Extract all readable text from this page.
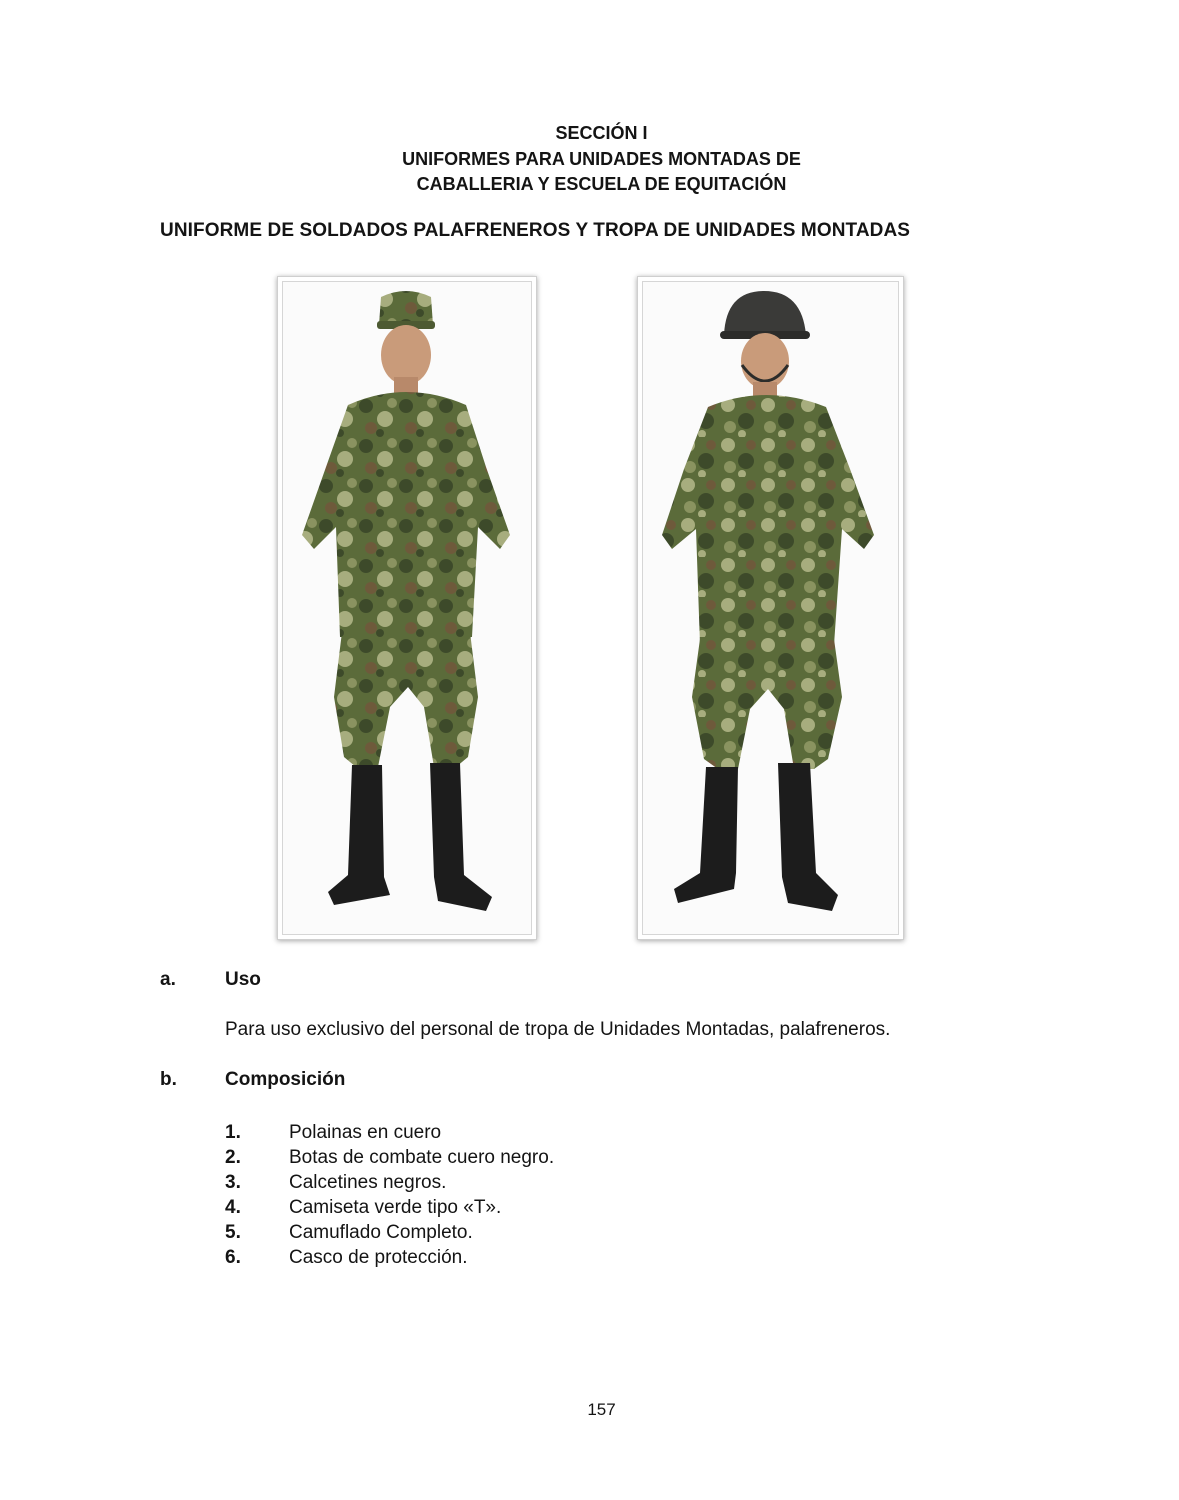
SECCIÓN I
UNIFORMES PARA UNIDADES MONTADAS DE
CABALLERIA Y ESCUELA DE EQUITACIÓN
UNIFORME DE SOLDADOS PALAFRENEROS Y TROPA DE UNIDADES MONTADAS
a.	Uso
Para uso exclusivo del personal de tropa de Unidades Montadas, palafreneros.
b.	Composición
1.	Polainas en cuero
2.	Botas de combate cuero negro.
3.	Calcetines negros.
4.	Camiseta verde tipo «T».
5.	Camuflado Completo.
6.	Casco de protección.
157
